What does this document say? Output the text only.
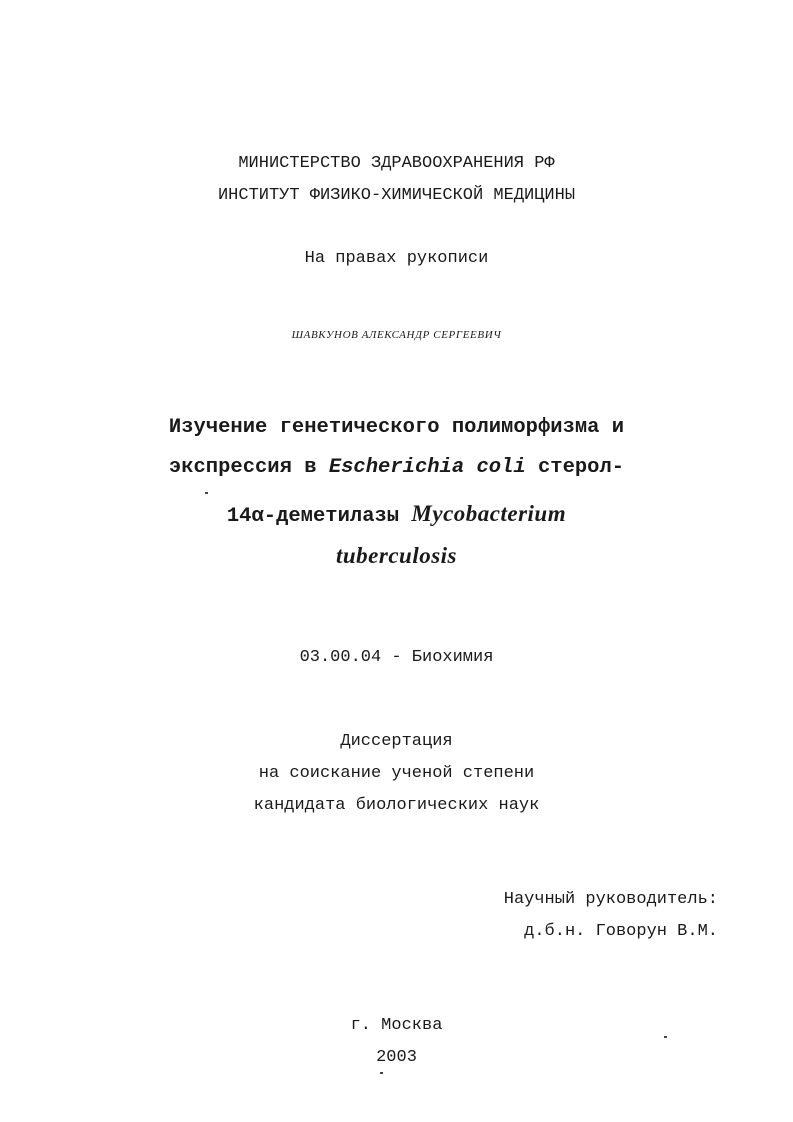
МИНИСТЕРСТВО ЗДРАВООХРАНЕНИЯ РФ
ИНСТИТУТ ФИЗИКО-ХИМИЧЕСКОЙ МЕДИЦИНЫ
На правах рукописи
ШАВКУНОВ АЛЕКСАНДР СЕРГЕЕВИЧ
Изучение генетического полиморфизма и
экспрессия в Escherichia coli стерол-
14α-деметилазы Mycobacterium
tuberculosis
03.00.04 - Биохимия
Диссертация
на соискание ученой степени
кандидата биологических наук
Научный руководитель:
д.б.н. Говорун В.М.
г. Москва
2003
